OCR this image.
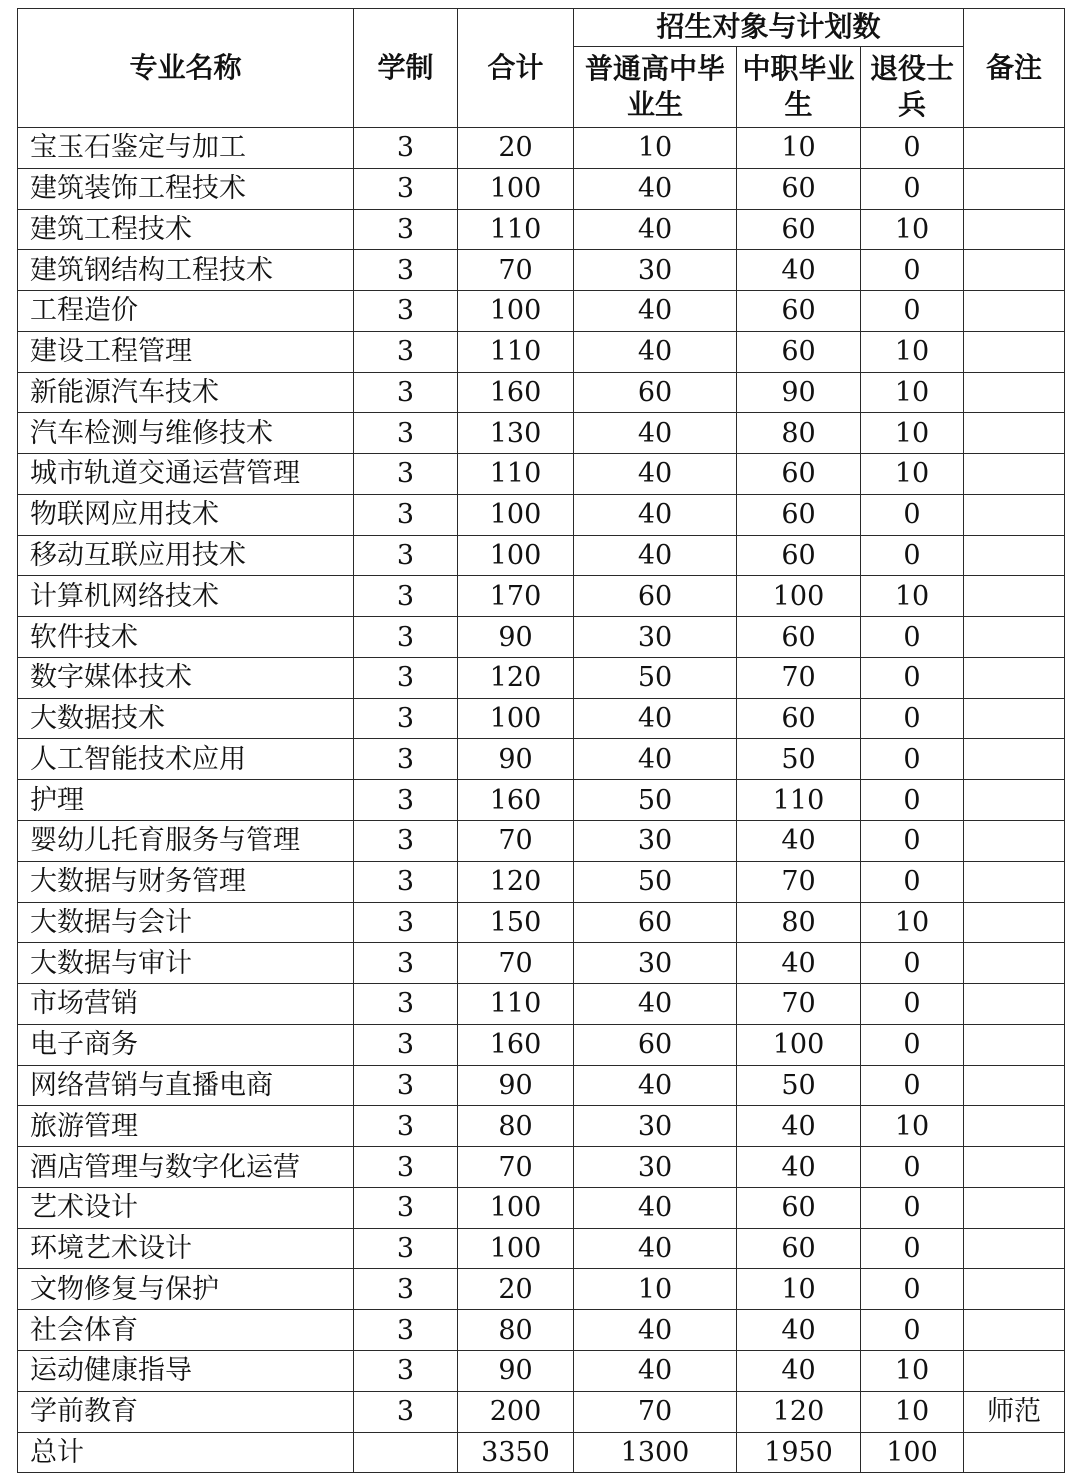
专业名称	学制	合计	招生对象与计划数			备注
			普通高中毕业生	中职毕业生	退役士兵	
宝玉石鉴定与加工	3	20	10	10	0	
建筑装饰工程技术	3	100	40	60	0	
建筑工程技术	3	110	40	60	10	
建筑钢结构工程技术	3	70	30	40	0	
工程造价	3	100	40	60	0	
建设工程管理	3	110	40	60	10	
新能源汽车技术	3	160	60	90	10	
汽车检测与维修技术	3	130	40	80	10	
城市轨道交通运营管理	3	110	40	60	10	
物联网应用技术	3	100	40	60	0	
移动互联应用技术	3	100	40	60	0	
计算机网络技术	3	170	60	100	10	
软件技术	3	90	30	60	0	
数字媒体技术	3	120	50	70	0	
大数据技术	3	100	40	60	0	
人工智能技术应用	3	90	40	50	0	
护理	3	160	50	110	0	
婴幼儿托育服务与管理	3	70	30	40	0	
大数据与财务管理	3	120	50	70	0	
大数据与会计	3	150	60	80	10	
大数据与审计	3	70	30	40	0	
市场营销	3	110	40	70	0	
电子商务	3	160	60	100	0	
网络营销与直播电商	3	90	40	50	0	
旅游管理	3	80	30	40	10	
酒店管理与数字化运营	3	70	30	40	0	
艺术设计	3	100	40	60	0	
环境艺术设计	3	100	40	60	0	
文物修复与保护	3	20	10	10	0	
社会体育	3	80	40	40	0	
运动健康指导	3	90	40	40	10	
学前教育	3	200	70	120	10	师范
总计		3350	1300	1950	100	
